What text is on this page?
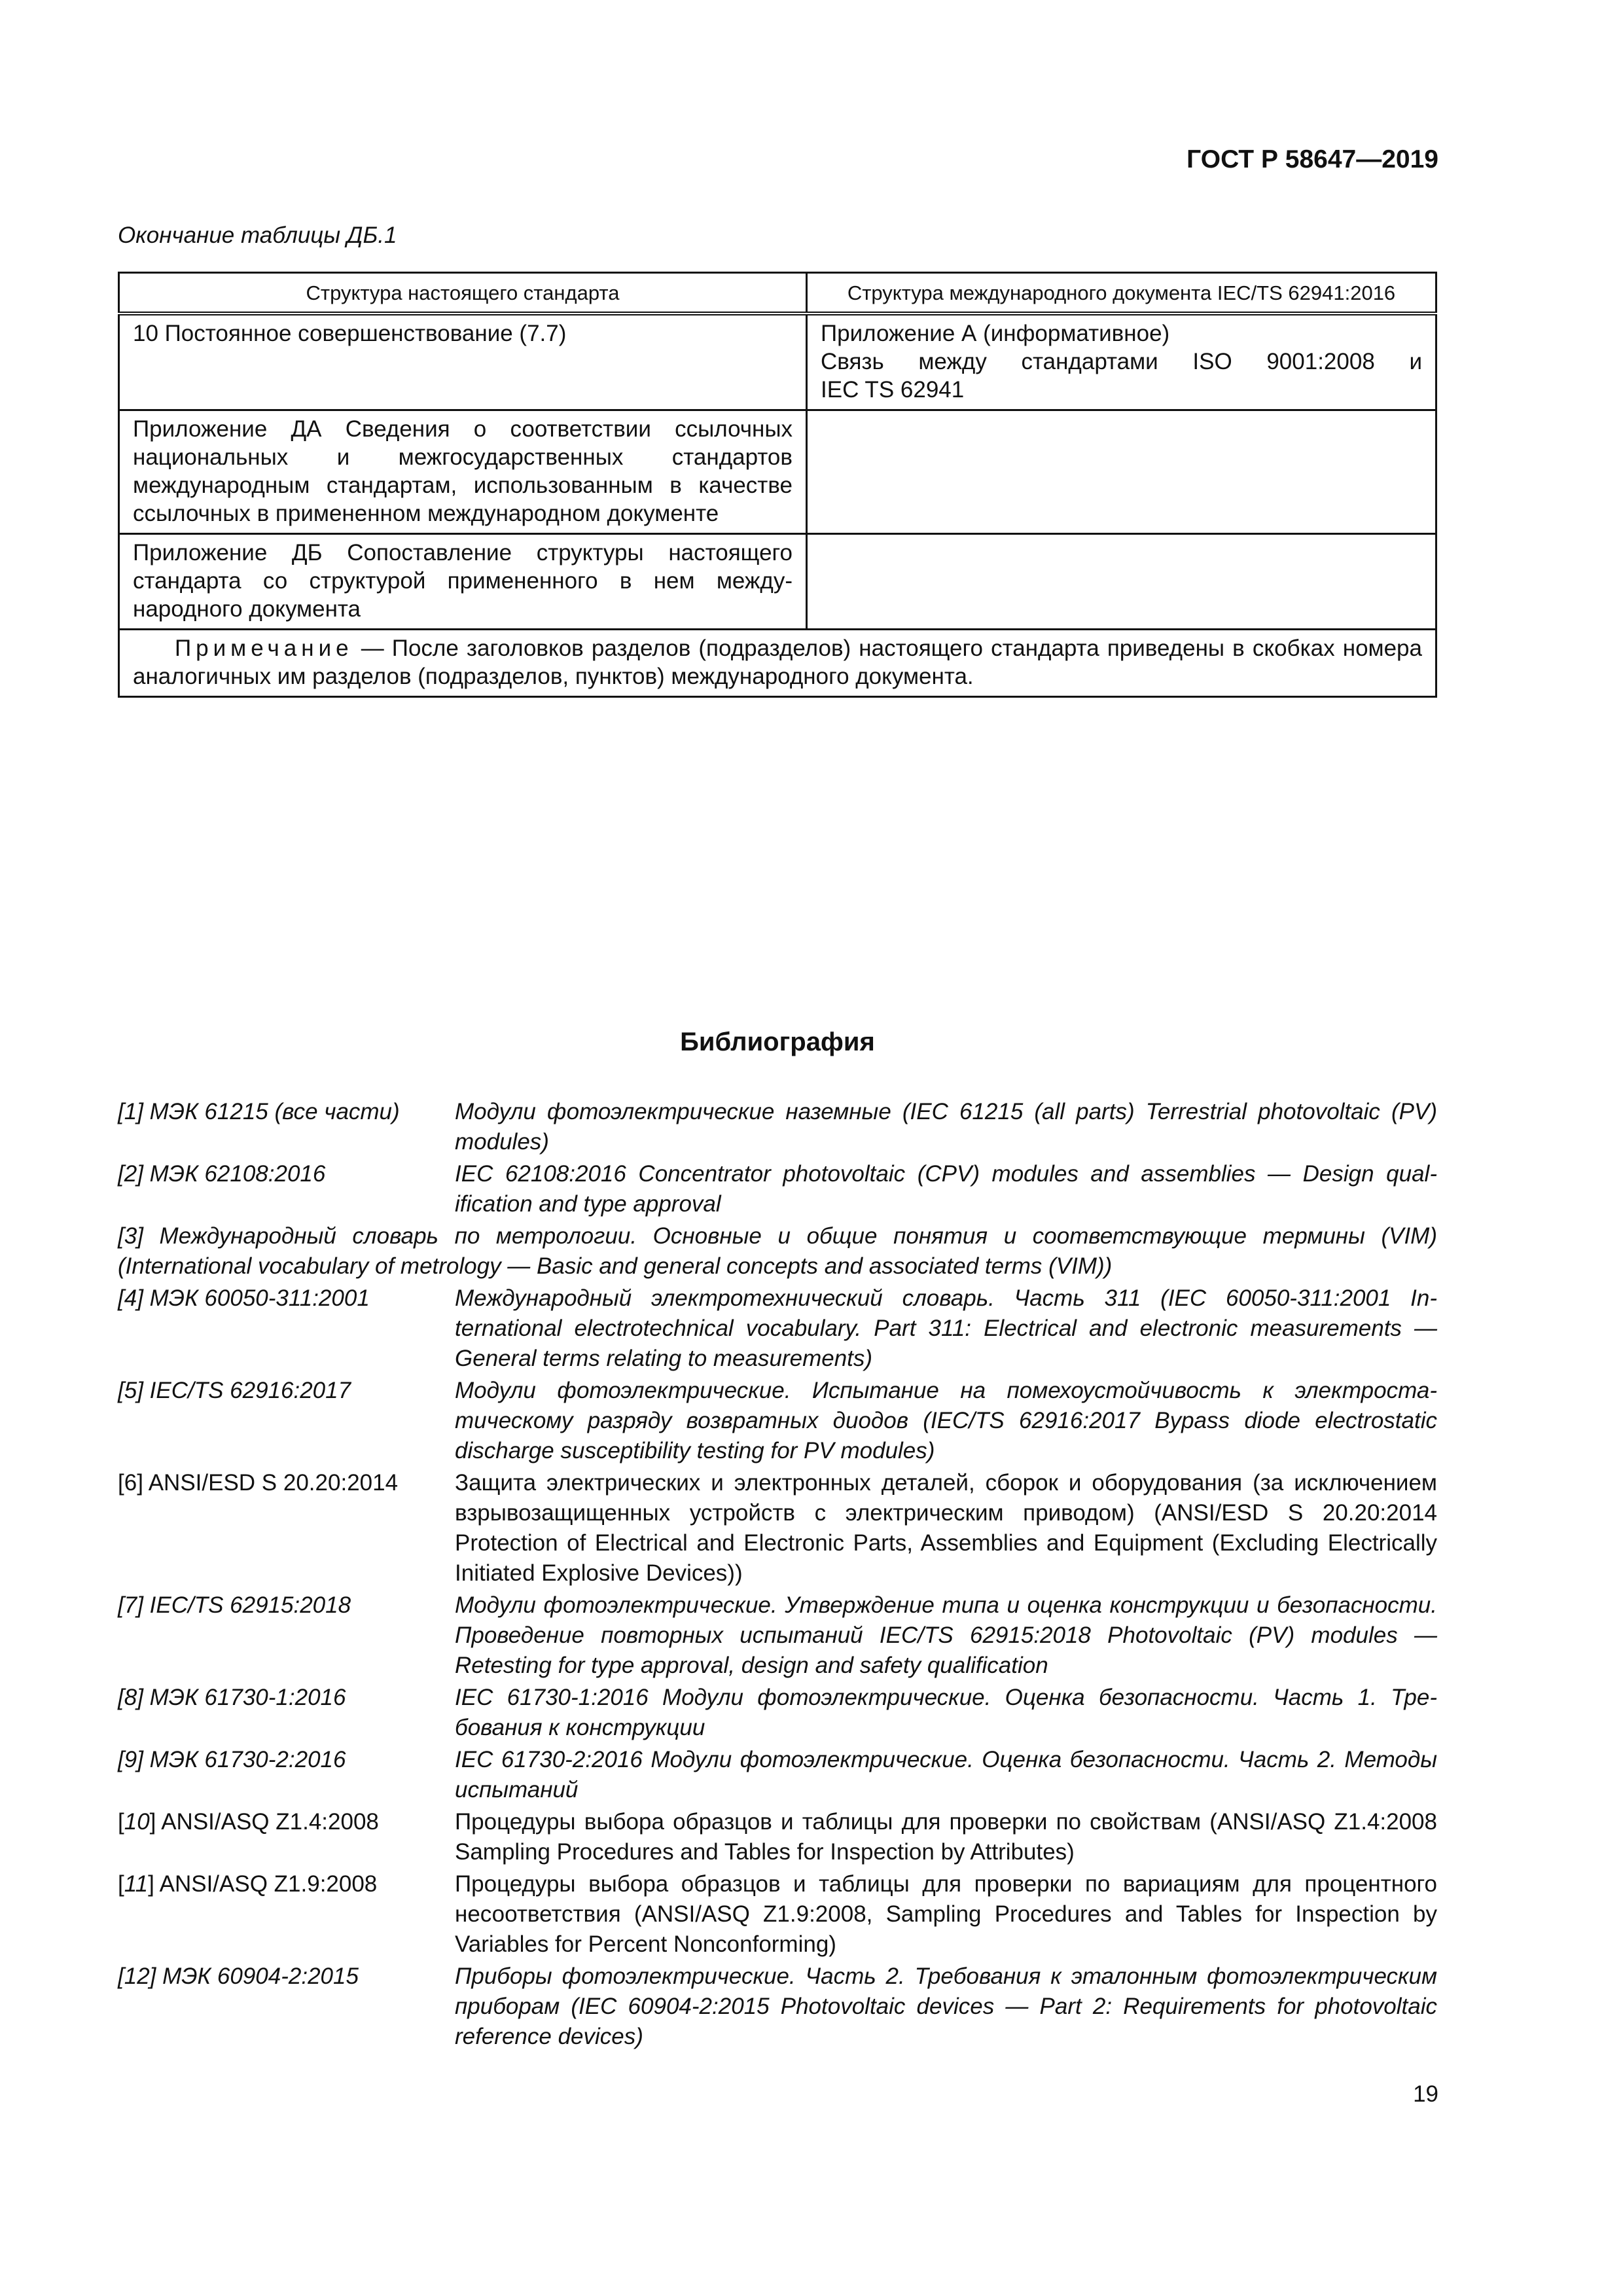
ГОСТ Р 58647—2019
Окончание таблицы ДБ.1
Структура настоящего стандарта	Структура международного документа IEC/TS 62941:2016
10 Постоянное совершенствование (7.7)	Приложение А (информативное)
Связь между стандартами ISO 9001:2008 и
IEC TS 62941

Приложение ДА Сведения о соответствии ссылочных национальных и межгосударственных стандартов международным стандартам, использованным в качестве ссылочных в примененном международном документе	
Приложение ДБ Сопоставление структуры настоящего стандарта со структурой примененного в нем международного документа	
Примечание — После заголовков разделов (подразделов) настоящего стандарта приведены в скобках номера аналогичных им разделов (подразделов, пунктов) международного документа.	
Библиография
[1] МЭК 61215 (все части)	Модули фотоэлектрические наземные (IEC 61215 (all parts) Terrestrial photovoltaic (PV) modules)
[2] МЭК 62108:2016	IEC 62108:2016 Concentrator photovoltaic (CPV) modules and assemblies — Design qualification and type approval
[3] Международный словарь по метрологии. Основные и общие понятия и соответствующие термины (VIM) (International vocabulary of metrology — Basic and general concepts and associated terms (VIM))
[4] МЭК 60050-311:2001	Международный электротехнический словарь. Часть 311 (IEC 60050-311:2001 International electrotechnical vocabulary. Part 311: Electrical and electronic measurements — General terms relating to measurements)
[5] IEC/TS 62916:2017	Модули фотоэлектрические. Испытание на помехоустойчивость к электростатическому разряду возвратных диодов (IEC/TS 62916:2017 Bypass diode electrostatic discharge susceptibility testing for PV modules)
[6] ANSI/ESD S 20.20:2014	Защита электрических и электронных деталей, сборок и оборудования (за исключением взрывозащищенных устройств с электрическим приводом) (ANSI/ESD S 20.20:2014 Protection of Electrical and Electronic Parts, Assemblies and Equipment (Excluding Electrically Initiated Explosive Devices))
[7] IEC/TS 62915:2018	Модули фотоэлектрические. Утверждение типа и оценка конструкции и безопасности. Проведение повторных испытаний IEC/TS 62915:2018 Photovoltaic (PV) modules — Retesting for type approval, design and safety qualification
[8] МЭК 61730-1:2016	IEC 61730-1:2016 Модули фотоэлектрические. Оценка безопасности. Часть 1. Требования к конструкции
[9] МЭК 61730-2:2016	IEC 61730-2:2016 Модули фотоэлектрические. Оценка безопасности. Часть 2. Методы испытаний
[10] ANSI/ASQ Z1.4:2008	Процедуры выбора образцов и таблицы для проверки по свойствам (ANSI/ASQ Z1.4:2008 Sampling Procedures and Tables for Inspection by Attributes)
[11] ANSI/ASQ Z1.9:2008	Процедуры выбора образцов и таблицы для проверки по вариациям для процентного несоответствия (ANSI/ASQ Z1.9:2008, Sampling Procedures and Tables for Inspection by Variables for Percent Nonconforming)
[12] МЭК 60904-2:2015	Приборы фотоэлектрические. Часть 2. Требования к эталонным фотоэлектрическим приборам (IEC 60904-2:2015 Photovoltaic devices — Part 2: Requirements for photovoltaic reference devices)
19
